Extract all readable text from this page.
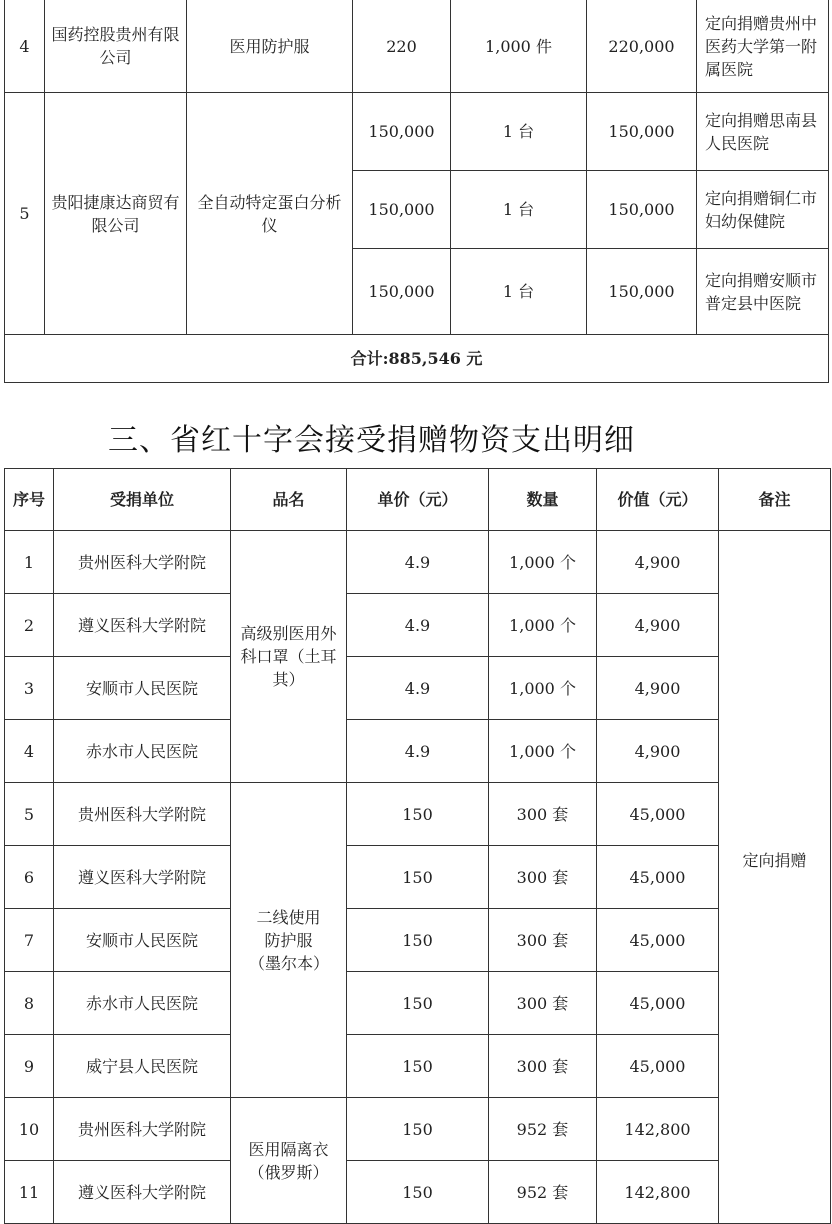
4	国药控股贵州有限公司	医用防护服	220	1,000 件	220,000	定向捐赠贵州中医药大学第一附属医院
5	贵阳捷康达商贸有限公司	全自动特定蛋白分析仪	150,000	1 台	150,000	定向捐赠思南县人民医院
			150,000	1 台	150,000	定向捐赠铜仁市妇幼保健院
			150,000	1 台	150,000	定向捐赠安顺市普定县中医院
合计:885,546 元						
三、省红十字会接受捐赠物资支出明细
序号	受捐单位	品名	单价（元）	数量	价值（元）	备注
1	贵州医科大学附院	高级别医用外科口罩（土耳其）	4.9	1,000 个	4,900	定向捐赠
2	遵义医科大学附院		4.9	1,000 个	4,900	
3	安顺市人民医院		4.9	1,000 个	4,900	
4	赤水市人民医院		4.9	1,000 个	4,900	
5	贵州医科大学附院	二线使用防护服（墨尔本）	150	300 套	45,000	
6	遵义医科大学附院		150	300 套	45,000	
7	安顺市人民医院		150	300 套	45,000	
8	赤水市人民医院		150	300 套	45,000	
9	威宁县人民医院		150	300 套	45,000	
10	贵州医科大学附院	医用隔离衣（俄罗斯）	150	952 套	142,800	
11	遵义医科大学附院		150	952 套	142,800	
